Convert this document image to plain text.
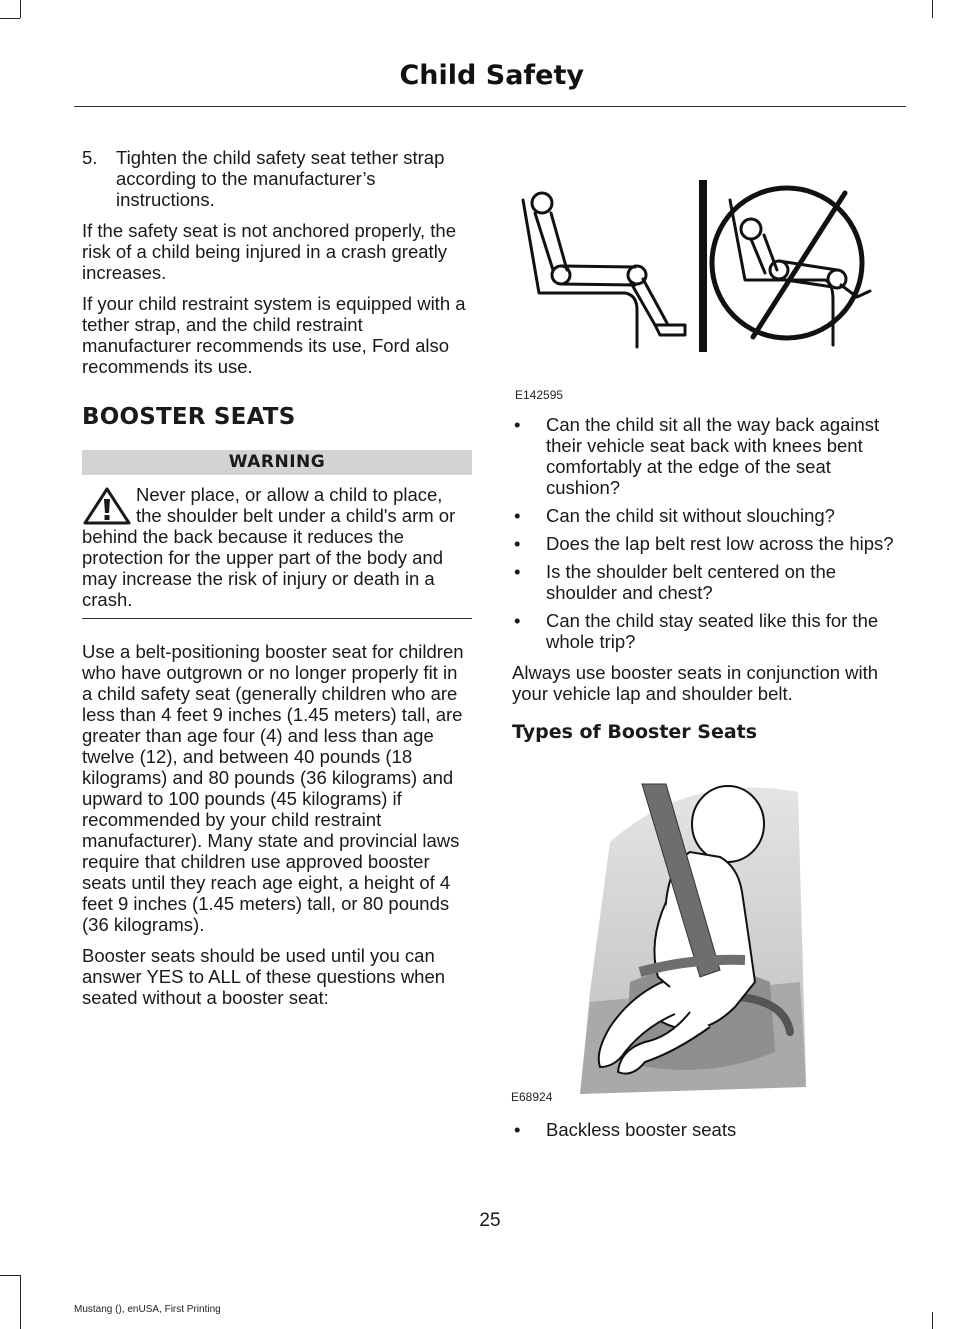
Child Safety
5.	Tighten the child safety seat tether strap according to the manufacturer’s instructions.

If the safety seat is not anchored properly, the risk of a child being injured in a crash greatly increases.

If your child restraint system is equipped with a tether strap, and the child restraint manufacturer recommends its use, Ford also recommends its use.

BOOSTER SEATS
WARNING
Never place, or allow a child to place, the shoulder belt under a child's arm or behind the back because it reduces the protection for the upper part of the body and may increase the risk of injury or death in a crash.

Use a belt-positioning booster seat for children who have outgrown or no longer properly fit in a child safety seat (generally children who are less than 4 feet 9 inches (1.45 meters) tall, are greater than age four (4) and less than age twelve (12), and between 40 pounds (18 kilograms) and 80 pounds (36 kilograms) and upward to 100 pounds (45 kilograms) if recommended by your child restraint manufacturer). Many state and provincial laws require that children use approved booster seats until they reach age eight, a height of 4 feet 9 inches (1.45 meters) tall, or 80 pounds (36 kilograms).

Booster seats should be used until you can answer YES to ALL of these questions when seated without a booster seat:

E142595
•	Can the child sit all the way back against their vehicle seat back with knees bent comfortably at the edge of the seat cushion?
•	Can the child sit without slouching?
•	Does the lap belt rest low across the hips?
•	Is the shoulder belt centered on the shoulder and chest?
•	Can the child stay seated like this for the whole trip?

Always use booster seats in conjunction with your vehicle lap and shoulder belt.

Types of Booster Seats
E68924
•	Backless booster seats
25
Mustang (), enUSA, First Printing
